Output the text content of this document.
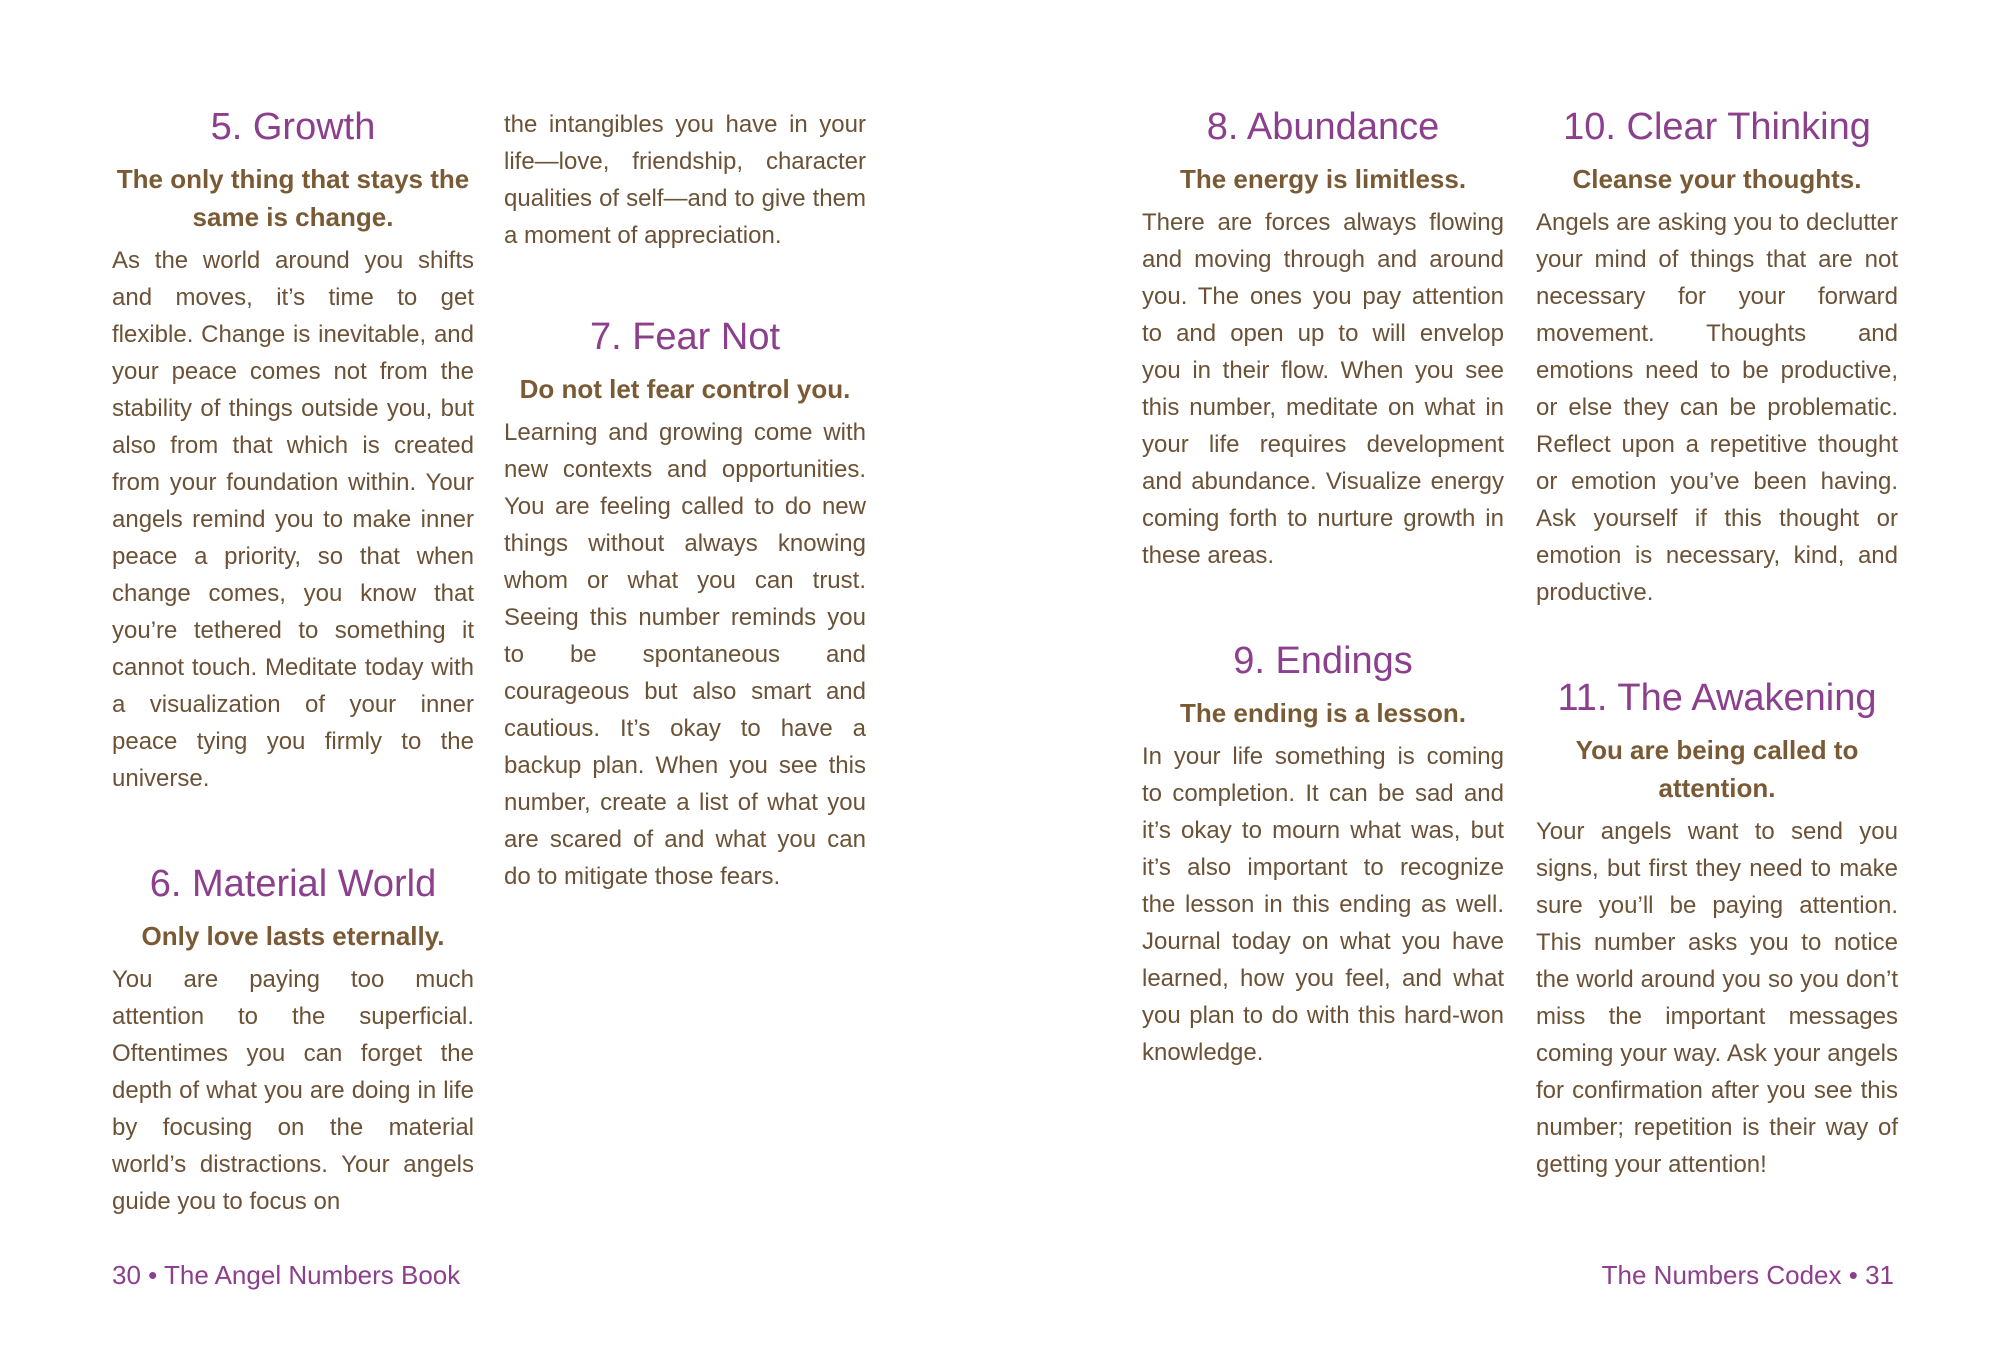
5. Growth
The only thing that stays the same is change.

As the world around you shifts and moves, it’s time to get flexible. Change is inevitable, and your peace comes not from the stability of things outside you, but also from that which is created from your foundation within. Your angels remind you to make inner peace a priority, so that when change comes, you know that you’re tethered to something it cannot touch. Meditate today with a visualization of your inner peace tying you firmly to the universe.

6. Material World
Only love lasts eternally.

You are paying too much attention to the superficial. Oftentimes you can forget the depth of what you are doing in life by focusing on the material world’s distractions. Your angels guide you to focus on

the intangibles you have in your life—love, friendship, character qualities of self—and to give them a moment of appreciation.

7. Fear Not
Do not let fear control you.

Learning and growing come with new contexts and opportunities. You are feeling called to do new things without always knowing whom or what you can trust. Seeing this number reminds you to be spontaneous and courageous but also smart and cautious. It’s okay to have a backup plan. When you see this number, create a list of what you are scared of and what you can do to mitigate those fears.

30 • The Angel Numbers Book
8. Abundance
The energy is limitless.

There are forces always flowing and moving through and around you. The ones you pay attention to and open up to will envelop you in their flow. When you see this number, meditate on what in your life requires development and abundance. Visualize energy coming forth to nurture growth in these areas.

9. Endings
The ending is a lesson.

In your life something is coming to completion. It can be sad and it’s okay to mourn what was, but it’s also important to recognize the lesson in this ending as well. Journal today on what you have learned, how you feel, and what you plan to do with this hard-won knowledge.

10. Clear Thinking
Cleanse your thoughts.

Angels are asking you to declutter your mind of things that are not necessary for your forward movement. Thoughts and emotions need to be productive, or else they can be problematic. Reflect upon a repetitive thought or emotion you’ve been having. Ask yourself if this thought or emotion is necessary, kind, and productive.

11. The Awakening
You are being called to attention.

Your angels want to send you signs, but first they need to make sure you’ll be paying attention. This number asks you to notice the world around you so you don’t miss the important messages coming your way. Ask your angels for confirmation after you see this number; repetition is their way of getting your attention!

The Numbers Codex • 31
